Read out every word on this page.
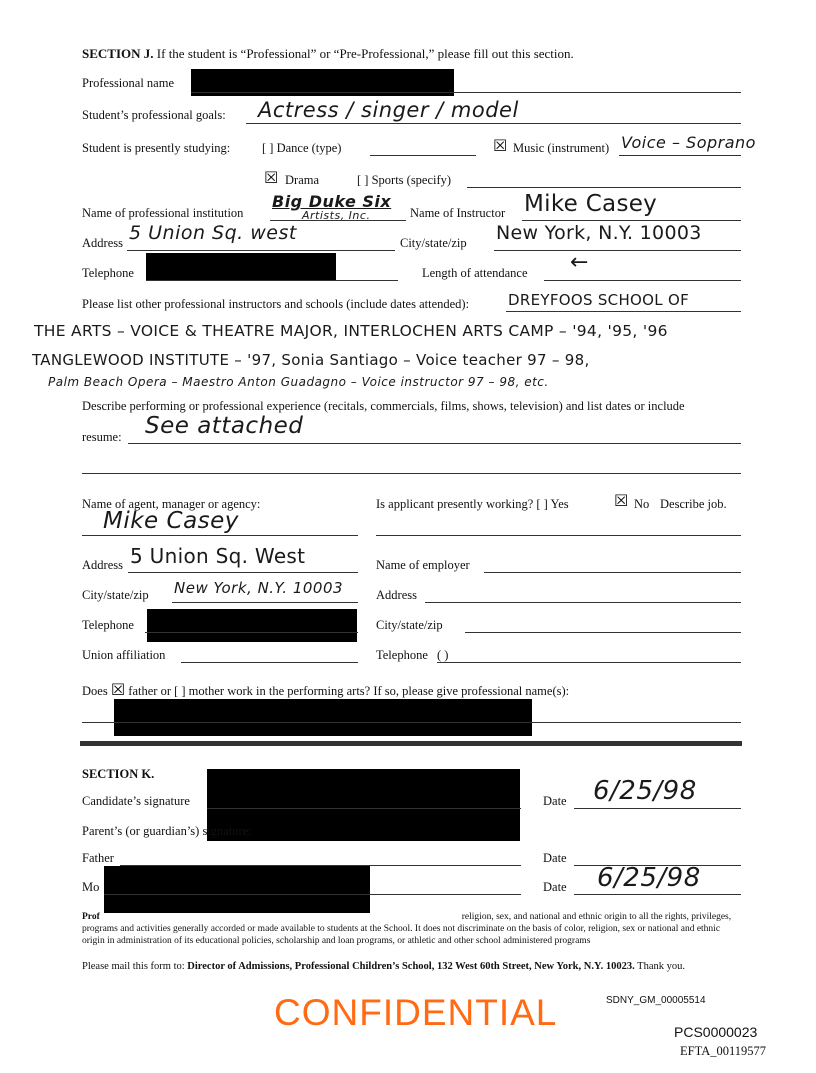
SECTION J. If the student is “Professional” or “Pre-Professional,” please fill out this section.
Professional name
Student’s professional goals: Actress / singer / model
Student is presently studying:	[ ] Dance (type)	☒ Music (instrument) Voice – Soprano
☒ Drama	[ ] Sports (specify)
Name of professional institution
Big Duke Six
Artists, Inc.	Name of Instructor Mike Casey
Address 5 Union Sq. west	City/state/zip New York, N.Y. 10003
Telephone	Length of attendance ←
Please list other professional instructors and schools (include dates attended):	DREYFOOS SCHOOL OF
THE ARTS – VOICE & THEATRE MAJOR, INTERLOCHEN ARTS CAMP – '94, '95, '96
TANGLEWOOD INSTITUTE – '97, Sonia Santiago – Voice teacher 97 – 98,
Palm Beach Opera – Maestro Anton Guadagno – Voice instructor 97 – 98, etc.
Describe performing or professional experience (recitals, commercials, films, shows, television) and list dates or include
resume: See attached
Name of agent, manager or agency:
Mike Casey
Is applicant presently working? [ ] Yes	☒ No Describe job.
Address 5 Union Sq. West	Name of employer
City/state/zip New York, N.Y. 10003	Address
Telephone	City/state/zip
Union affiliation	Telephone ( )
Does ☒ father or [ ] mother work in the performing arts? If so, please give professional name(s):
SECTION K.
Candidate’s signature	Date 6/25/98
Parent’s (or guardian’s) signature:
Father	Date
Mo	Date 6/25/98
Prof	religion, sex, and national and ethnic origin to all the rights, privileges, programs and activities generally accorded or made available to students at the School. It does not discriminate on the basis of color, religion, sex or national and ethnic origin in administration of its educational policies, scholarship and loan programs, or athletic and other school administered programs
Please mail this form to: Director of Admissions, Professional Children’s School, 132 West 60th Street, New York, N.Y. 10023. Thank you.
CONFIDENTIAL	SDNY_GM_00005514
PCS0000023
EFTA_00119577
